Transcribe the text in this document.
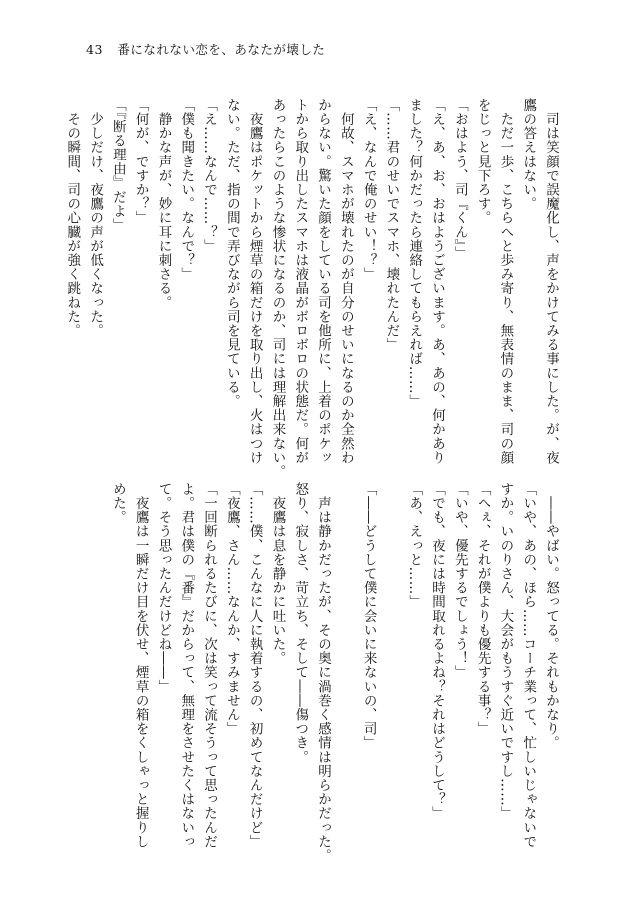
43 番になれない恋を、あなたが壊した
　司は笑顔で誤魔化し、声をかけてみる事にした。が、夜
鷹の答えはない。
　ただ一歩、こちらへと歩み寄り、無表情のまま、司の顔
をじっと見下ろす。
「おはよう、司『くん』」
「え、あ、お、おはようございます。あ、あの、何かあり
ました？何かだったら連絡してもらえれば……」
「……君のせいでスマホ、壊れたんだ」
「え、なんで俺のせい！？」
　何故、スマホが壊れたのが自分のせいになるのか全然わ
からない。驚いた顔をしている司を他所に、上着のポケッ
トから取り出したスマホは液晶がボロボロの状態だ。何が
あったらこのような惨状になるのか、司には理解出来ない。
　夜鷹はポケットから煙草の箱だけを取り出し、火はつけ
ない。ただ、指の間で弄びながら司を見ている。
「え……なんで……？」
「僕も聞きたい。なんで？」
　静かな声が、妙に耳に刺さる。
「何が、ですか？」
「『断る理由』だよ」
　少しだけ、夜鷹の声が低くなった。
　その瞬間、司の心臓が強く跳ねた。
　――やばい。怒ってる。それもかなり。
「いや、あの、ほら……コーチ業って、忙しいじゃないで
すか。いのりさん、大会がもうすぐ近いですし……」
「へぇ、それが僕よりも優先する事？」
「いや、優先するでしょう！」
「でも、夜には時間取れるよね？それはどうして？」
「あ、えっと……」

「――どうして僕に会いに来ないの、司」

　声は静かだったが、その奥に渦巻く感情は明らかだった。
怒り、寂しさ、苛立ち、そして――傷つき。
　夜鷹は息を静かに吐いた。
「……僕、こんなに人に執着するの、初めてなんだけど」
「夜鷹、さん……なんか、すみません」
「一回断られるたびに、次は笑って流そうって思ったんだ
よ。君は僕の『番』だからって、無理をさせたくはないっ
て。そう思ったんだけどね――」
　夜鷹は一瞬だけ目を伏せ、煙草の箱をくしゃっと握りし
めた。
